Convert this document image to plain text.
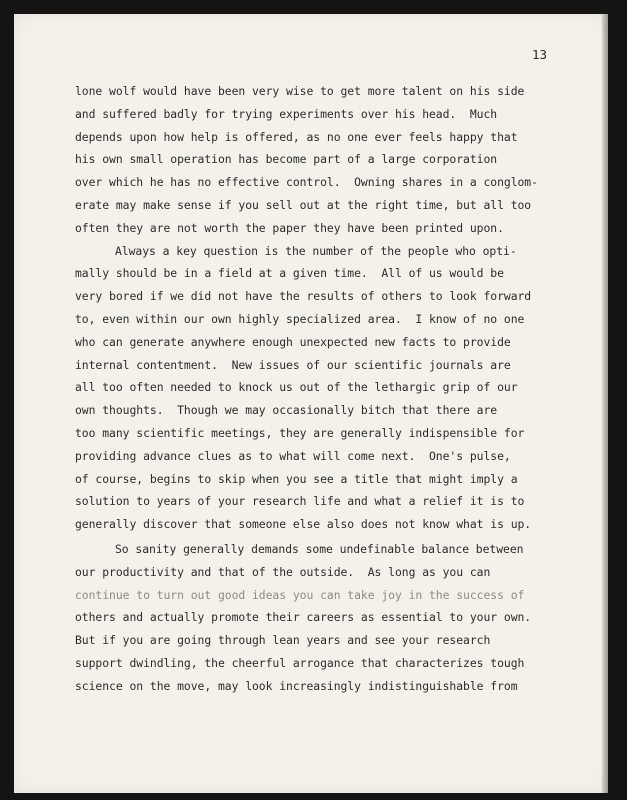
13
lone wolf would have been very wise to get more talent on his side
and suffered badly for trying experiments over his head.  Much
depends upon how help is offered, as no one ever feels happy that
his own small operation has become part of a large corporation
over which he has no effective control.  Owning shares in a conglom-
erate may make sense if you sell out at the right time, but all too
often they are not worth the paper they have been printed upon.
Always a key question is the number of the people who opti-
mally should be in a field at a given time.  All of us would be
very bored if we did not have the results of others to look forward
to, even within our own highly specialized area.  I know of no one
who can generate anywhere enough unexpected new facts to provide
internal contentment.  New issues of our scientific journals are
all too often needed to knock us out of the lethargic grip of our
own thoughts.  Though we may occasionally bitch that there are
too many scientific meetings, they are generally indispensible for
providing advance clues as to what will come next.  One's pulse,
of course, begins to skip when you see a title that might imply a
solution to years of your research life and what a relief it is to
generally discover that someone else also does not know what is up.
So sanity generally demands some undefinable balance between
our productivity and that of the outside.  As long as you can
continue to turn out good ideas you can take joy in the success of
others and actually promote their careers as essential to your own.
But if you are going through lean years and see your research
support dwindling, the cheerful arrogance that characterizes tough
science on the move, may look increasingly indistinguishable from
